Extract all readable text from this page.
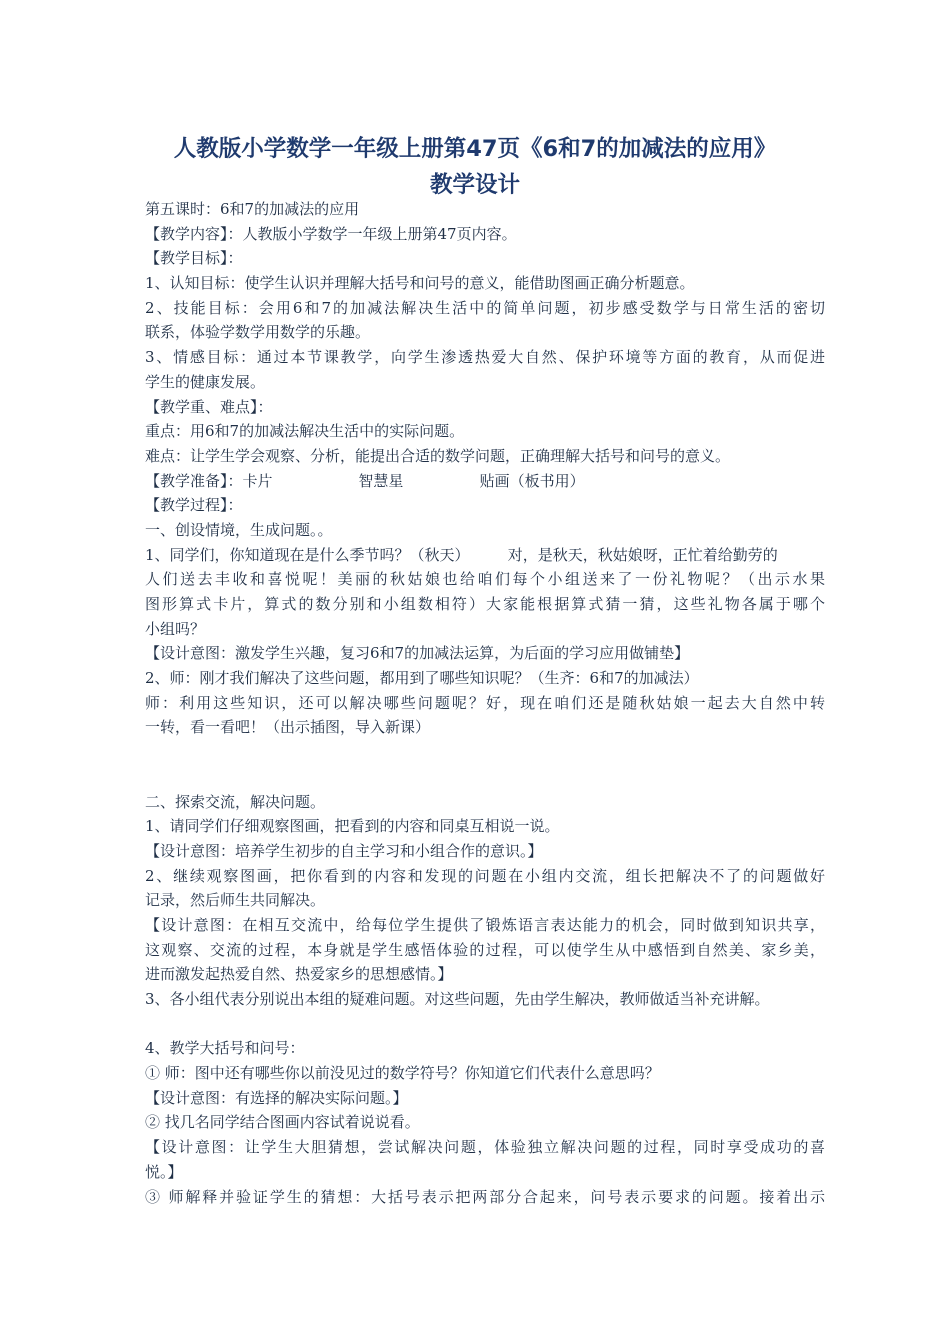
人教版小学数学一年级上册第47页《6和7的加减法的应用》
教学设计
第五课时：6和7的加减法的应用
【教学内容】：人教版小学数学一年级上册第47页内容。
【教学目标】：
1、认知目标：使学生认识并理解大括号和问号的意义，能借助图画正确分析题意。
2、技能目标：会用6和7的加减法解决生活中的简单问题，初步感受数学与日常生活的密切
联系，体验学数学用数学的乐趣。
3、情感目标：通过本节课教学，向学生渗透热爱大自然、保护环境等方面的教育，从而促进
学生的健康发展。
【教学重、难点】：
重点：用6和7的加减法解决生活中的实际问题。
难点：让学生学会观察、分析，能提出合适的数学问题，正确理解大括号和问号的意义。
【教学准备】：卡片                  智慧星                贴画（板书用）
【教学过程】：
一、创设情境，生成问题。。
1、同学们，你知道现在是什么季节吗？（秋天）        对，是秋天，秋姑娘呀，正忙着给勤劳的
人们送去丰收和喜悦呢！美丽的秋姑娘也给咱们每个小组送来了一份礼物呢？（出示水果
图形算式卡片，算式的数分别和小组数相符）大家能根据算式猜一猜，这些礼物各属于哪个
小组吗？
【设计意图：激发学生兴趣，复习6和7的加减法运算，为后面的学习应用做铺垫】
2、师：刚才我们解决了这些问题，都用到了哪些知识呢？（生齐：6和7的加减法）
师：利用这些知识，还可以解决哪些问题呢？好，现在咱们还是随秋姑娘一起去大自然中转
一转，看一看吧！（出示插图，导入新课）
二、探索交流，解决问题。
1、请同学们仔细观察图画，把看到的内容和同桌互相说一说。
【设计意图：培养学生初步的自主学习和小组合作的意识。】
2、继续观察图画，把你看到的内容和发现的问题在小组内交流，组长把解决不了的问题做好
记录，然后师生共同解决。
【设计意图：在相互交流中，给每位学生提供了锻炼语言表达能力的机会，同时做到知识共享，
这观察、交流的过程，本身就是学生感悟体验的过程，可以使学生从中感悟到自然美、家乡美，
进而激发起热爱自然、热爱家乡的思想感情。】
3、各小组代表分别说出本组的疑难问题。对这些问题，先由学生解决，教师做适当补充讲解。
4、教学大括号和问号：
① 师：图中还有哪些你以前没见过的数学符号？你知道它们代表什么意思吗？
【设计意图：有选择的解决实际问题。】
② 找几名同学结合图画内容试着说说看。
【设计意图：让学生大胆猜想，尝试解决问题，体验独立解决问题的过程，同时享受成功的喜
悦。】
③ 师解释并验证学生的猜想：大括号表示把两部分合起来，问号表示要求的问题。接着出示
